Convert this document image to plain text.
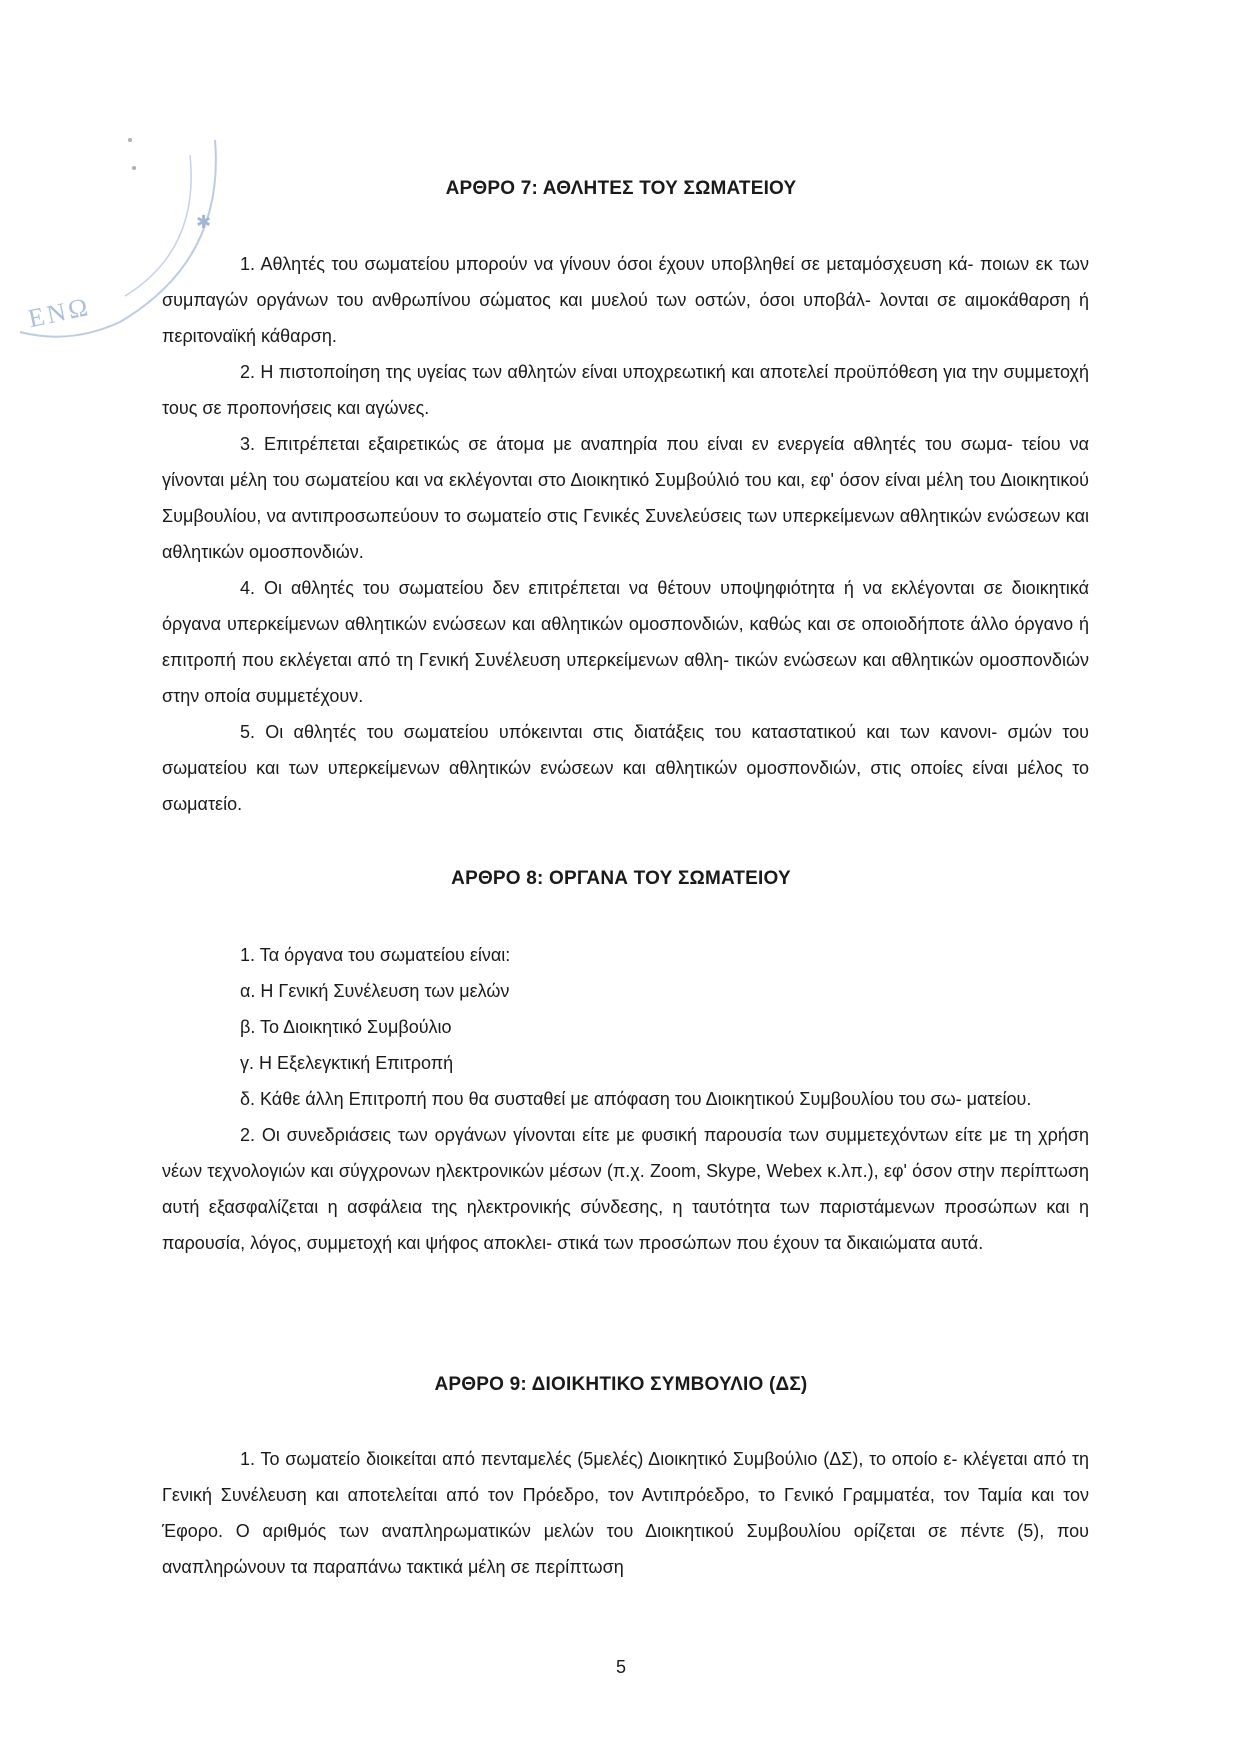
✱
ΕΝΩ
ΑΡΘΡΟ 7: ΑΘΛΗΤΕΣ ΤΟΥ ΣΩΜΑΤΕΙΟΥ

1. Αθλητές του σωματείου μπορούν να γίνουν όσοι έχουν υποβληθεί σε μεταμόσχευση κά- ποιων εκ των συμπαγών οργάνων του ανθρωπίνου σώματος και μυελού των οστών, όσοι υποβάλ- λονται σε αιμοκάθαρση ή περιτοναϊκή κάθαρση.

2. Η πιστοποίηση της υγείας των αθλητών είναι υποχρεωτική και αποτελεί προϋπόθεση για την συμμετοχή τους σε προπονήσεις και αγώνες.

3. Επιτρέπεται εξαιρετικώς σε άτομα με αναπηρία που είναι εν ενεργεία αθλητές του σωμα- τείου να γίνονται μέλη του σωματείου και να εκλέγονται στο Διοικητικό Συμβούλιό του και, εφ' όσον είναι μέλη του Διοικητικού Συμβουλίου, να αντιπροσωπεύουν το σωματείο στις Γενικές Συνελεύσεις των υπερκείμενων αθλητικών ενώσεων και αθλητικών ομοσπονδιών.

4. Οι αθλητές του σωματείου δεν επιτρέπεται να θέτουν υποψηφιότητα ή να εκλέγονται σε διοικητικά όργανα υπερκείμενων αθλητικών ενώσεων και αθλητικών ομοσπονδιών, καθώς και σε οποιοδήποτε άλλο όργανο ή επιτροπή που εκλέγεται από τη Γενική Συνέλευση υπερκείμενων αθλη- τικών ενώσεων και αθλητικών ομοσπονδιών στην οποία συμμετέχουν.

5. Οι αθλητές του σωματείου υπόκεινται στις διατάξεις του καταστατικού και των κανονι- σμών του σωματείου και των υπερκείμενων αθλητικών ενώσεων και αθλητικών ομοσπονδιών, στις οποίες είναι μέλος το σωματείο.

ΑΡΘΡΟ 8: ΟΡΓΑΝΑ ΤΟΥ ΣΩΜΑΤΕΙΟΥ
1. Τα όργανα του σωματείου είναι:
α. Η Γενική Συνέλευση των μελών
β. Το Διοικητικό Συμβούλιο
γ. Η Εξελεγκτική Επιτροπή

δ. Κάθε άλλη Επιτροπή που θα συσταθεί με απόφαση του Διοικητικού Συμβουλίου του σω- ματείου.

2. Οι συνεδριάσεις των οργάνων γίνονται είτε με φυσική παρουσία των συμμετεχόντων είτε με τη χρήση νέων τεχνολογιών και σύγχρονων ηλεκτρονικών μέσων (π.χ. Zoom, Skype, Webex κ.λπ.), εφ' όσον στην περίπτωση αυτή εξασφαλίζεται η ασφάλεια της ηλεκτρονικής σύνδεσης, η ταυτότητα των παριστάμενων προσώπων και η παρουσία, λόγος, συμμετοχή και ψήφος αποκλει- στικά των προσώπων που έχουν τα δικαιώματα αυτά.

ΑΡΘΡΟ 9: ΔΙΟΙΚΗΤΙΚΟ ΣΥΜΒΟΥΛΙΟ (ΔΣ)

1. Το σωματείο διοικείται από πενταμελές (5μελές) Διοικητικό Συμβούλιο (ΔΣ), το οποίο ε- κλέγεται από τη Γενική Συνέλευση και αποτελείται από τον Πρόεδρο, τον Αντιπρόεδρο, το Γενικό Γραμματέα, τον Ταμία και τον Έφορο. Ο αριθμός των αναπληρωματικών μελών του Διοικητικού Συμβουλίου ορίζεται σε πέντε (5), που αναπληρώνουν τα παραπάνω τακτικά μέλη σε περίπτωση

5
